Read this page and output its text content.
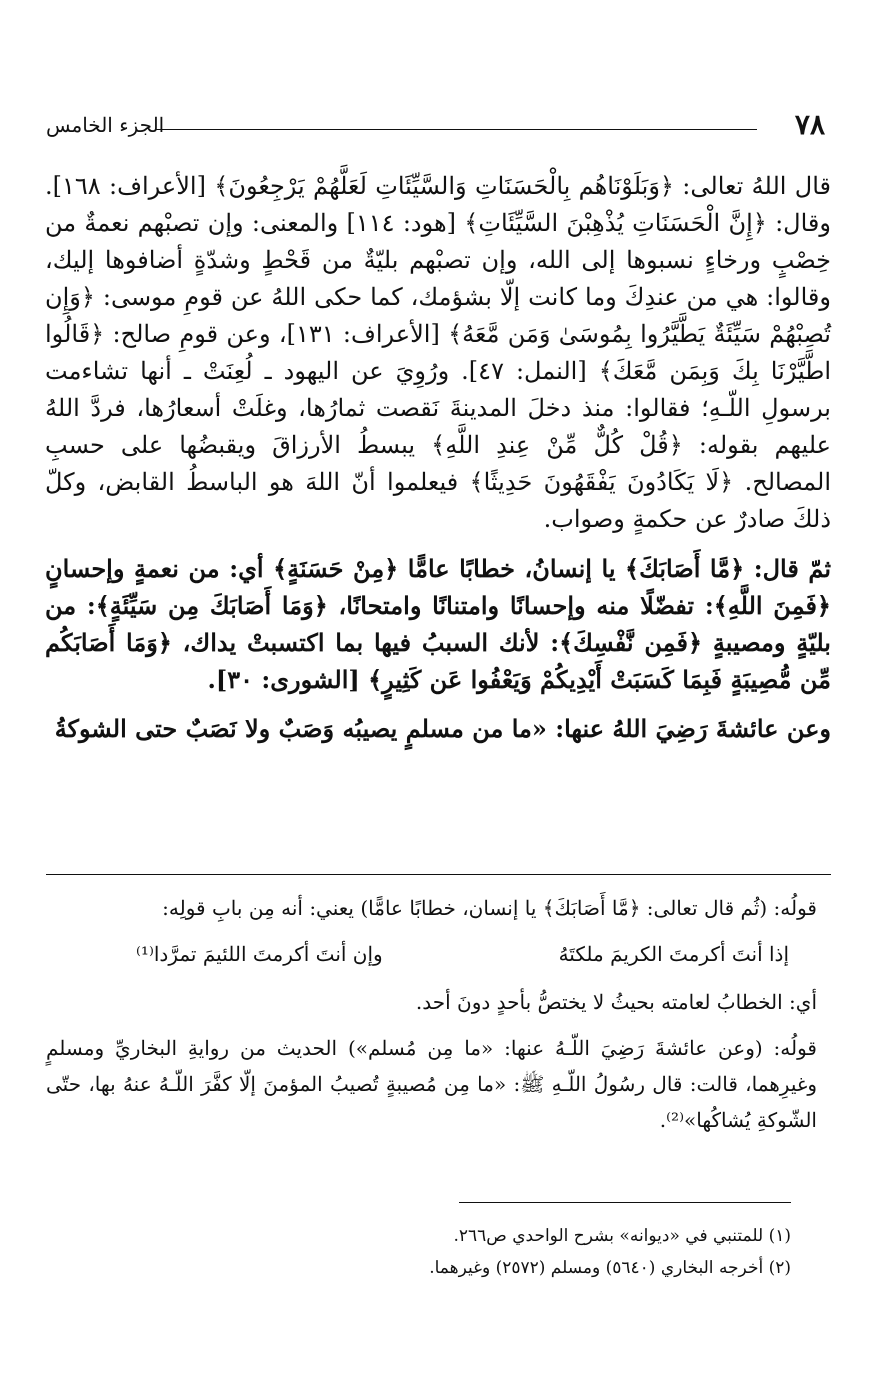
٧٨
الجزء الخامس

قال اللهُ تعالى: ﴿وَبَلَوْنَاهُم بِالْحَسَنَاتِ وَالسَّيِّئَاتِ لَعَلَّهُمْ يَرْجِعُونَ﴾ [الأعراف: ١٦٨]. وقال: ﴿إِنَّ الْحَسَنَاتِ يُذْهِبْنَ السَّيِّئَاتِ﴾ [هود: ١١٤] والمعنى: وإن تصبْهم نعمةٌ من خِصْبٍ ورخاءٍ نسبوها إلى الله، وإن تصبْهم بليّةٌ من قَحْطٍ وشدّةٍ أضافوها إليك، وقالوا: هي من عندِكَ وما كانت إلّا بشؤمك، كما حكى اللهُ عن قومِ موسى: ﴿وَإِن تُصِبْهُمْ سَيِّئَةٌ يَطَّيَّرُوا بِمُوسَىٰ وَمَن مَّعَهُ﴾ [الأعراف: ١٣١]، وعن قومِ صالح: ﴿قَالُوا اطَّيَّرْنَا بِكَ وَبِمَن مَّعَكَ﴾ [النمل: ٤٧]. ورُوِيَ عن اليهود ـ لُعِنَتْ ـ أنها تشاءمت برسولِ اللّـهِ؛ فقالوا: منذ دخلَ المدينةَ نَقصت ثمارُها، وغلَتْ أسعارُها، فردَّ اللهُ عليهم بقوله: ﴿قُلْ كُلٌّ مِّنْ عِندِ اللَّهِ﴾ يبسطُ الأرزاقَ ويقبضُها على حسبِ المصالح. ﴿لَا يَكَادُونَ يَفْقَهُونَ حَدِيثًا﴾ فيعلموا أنّ اللهَ هو الباسطُ القابض، وكلّ ذلكَ صادرٌ عن حكمةٍ وصواب.

ثمّ قال: ﴿مَّا أَصَابَكَ﴾ يا إنسانُ، خطابًا عامًّا ﴿مِنْ حَسَنَةٍ﴾ أي: من نعمةٍ وإحسانٍ ﴿فَمِنَ اللَّهِ﴾: تفضّلًا منه وإحسانًا وامتنانًا وامتحانًا، ﴿وَمَا أَصَابَكَ مِن سَيِّئَةٍ﴾: من بليّةٍ ومصيبةٍ ﴿فَمِن نَّفْسِكَ﴾: لأنك السببُ فيها بما اكتسبتْ يداك، ﴿وَمَا أَصَابَكُم مِّن مُّصِيبَةٍ فَبِمَا كَسَبَتْ أَيْدِيكُمْ وَيَعْفُوا عَن كَثِيرٍ﴾ [الشورى: ٣٠].

وعن عائشةَ رَضِيَ اللهُ عنها: «ما من مسلمٍ يصيبُه وَصَبٌ ولا نَصَبٌ حتى الشوكةُ

قولُه: (ثُم قال تعالى: ﴿مَّا أَصَابَكَ﴾ يا إنسان، خطابًا عامًّا) يعني: أنه مِن بابِ قولِه:

إذا أنتَ أكرمتَ الكريمَ ملكتَهُ
وإن أنتَ أكرمتَ اللئيمَ تمرَّدا⁽¹⁾

أي: الخطابُ لعامته بحيثُ لا يختصُّ بأحدٍ دونَ أحد.

قولُه: (وعن عائشةَ رَضِيَ اللّـهُ عنها: «ما مِن مُسلم») الحديث من روايةِ البخاريِّ ومسلمٍ وغيرِهما، قالت: قال رسُولُ اللّـهِ ﷺ: «ما مِن مُصيبةٍ تُصيبُ المؤمنَ إلّا كفَّرَ اللّـهُ عنهُ بها، حتّى الشّوكةِ يُشاكُها»⁽²⁾.

(١) للمتنبي في «ديوانه» بشرح الواحدي ص٢٦٦.

(٢) أخرجه البخاري (٥٦٤٠) ومسلم (٢٥٧٢) وغيرهما.
